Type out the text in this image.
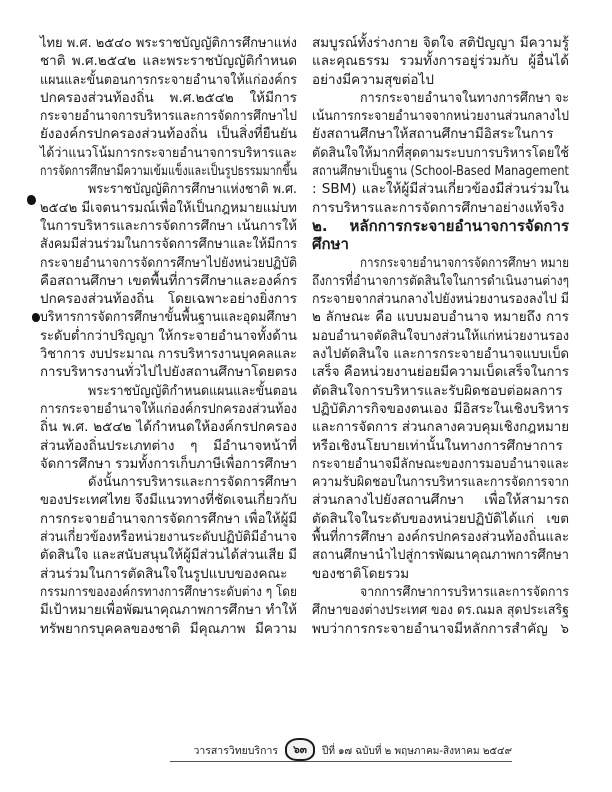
ไทย พ.ศ. ๒๕๔๐ พระราชบัญญัติการศึกษาแห่ง
ชาติ พ.ศ.๒๕๔๒ และพระราชบัญญัติกำหนด
แผนและขั้นตอนการกระจายอำนาจให้แก่องค์กร
ปกครองส่วนท้องถิ่น พ.ศ.๒๕๔๒ ให้มีการ
กระจายอำนาจการบริหารและการจัดการศึกษาไป
ยังองค์กรปกครองส่วนท้องถิ่น เป็นสิ่งที่ยืนยัน
ได้ว่าแนวโน้มการกระจายอำนาจการบริหารและ
การจัดการศึกษามีความเข้มแข็งและเป็นรูปธรรมมากขึ้น
พระราชบัญญัติการศึกษาแห่งชาติ พ.ศ.
๒๕๔๒ มีเจตนารมณ์เพื่อให้เป็นกฎหมายแม่บท
ในการบริหารและการจัดการศึกษา เน้นการให้
สังคมมีส่วนร่วมในการจัดการศึกษาและให้มีการ
กระจายอำนาจการจัดการศึกษาไปยังหน่วยปฏิบัติ
คือสถานศึกษา เขตพื้นที่การศึกษาและองค์กร
ปกครองส่วนท้องถิ่น โดยเฉพาะอย่างยิ่งการ
บริหารการจัดการศึกษาขั้นพื้นฐานและอุดมศึกษา
ระดับต่ำกว่าปริญญา ให้กระจายอำนาจทั้งด้าน
วิชาการ งบประมาณ การบริหารงานบุคคลและ
การบริหารงานทั่วไปไปยังสถานศึกษาโดยตรง
พระราชบัญญัติกำหนดแผนและขั้นตอน
การกระจายอำนาจให้แก่องค์กรปกครองส่วนท้อง
ถิ่น พ.ศ. ๒๕๔๒ ได้กำหนดให้องค์กรปกครอง
ส่วนท้องถิ่นประเภทต่าง ๆ มีอำนาจหน้าที่
จัดการศึกษา รวมทั้งการเก็บภาษีเพื่อการศึกษา
ดังนั้นการบริหารและการจัดการศึกษา
ของประเทศไทย จึงมีแนวทางที่ชัดเจนเกี่ยวกับ
การกระจายอำนาจการจัดการศึกษา เพื่อให้ผู้มี
ส่วนเกี่ยวข้องหรือหน่วยงานระดับปฏิบัติมีอำนาจ
ตัดสินใจ และสนับสนุนให้ผู้มีส่วนได้ส่วนเสีย มี
ส่วนร่วมในการตัดสินใจในรูปแบบของคณะ
กรรมการขององค์กรทางการศึกษาระดับต่าง ๆ โดย
มีเป้าหมายเพื่อพัฒนาคุณภาพการศึกษา ทำให้
ทรัพยากรบุคคลของชาติ มีคุณภาพ มีความ
สมบูรณ์ทั้งร่างกาย จิตใจ สติปัญญา มีความรู้
และคุณธรรม รวมทั้งการอยู่ร่วมกับ ผู้อื่นได้
อย่างมีความสุขต่อไป
การกระจายอำนาจในทางการศึกษา จะ
เน้นการกระจายอำนาจจากหน่วยงานส่วนกลางไป
ยังสถานศึกษาให้สถานศึกษามีอิสระในการ
ตัดสินใจให้มากที่สุดตามระบบการบริหารโดยใช้
สถานศึกษาเป็นฐาน (School-Based Management
: SBM) และให้ผู้มีส่วนเกี่ยวข้องมีส่วนร่วมใน
การบริหารและการจัดการศึกษาอย่างแท้จริง
๒. หลักการกระจายอำนาจการจัดการ
ศึกษา
การกระจายอำนาจการจัดการศึกษา หมาย
ถึงการที่อำนาจการตัดสินใจในการดำเนินงานต่างๆ
กระจายจากส่วนกลางไปยังหน่วยงานรองลงไป มี
๒ ลักษณะ คือ แบบมอบอำนาจ หมายถึง การ
มอบอำนาจตัดสินใจบางส่วนให้แก่หน่วยงานรอง
ลงไปตัดสินใจ และการกระจายอำนาจแบบเบ็ด
เสร็จ คือหน่วยงานย่อยมีความเบ็ดเสร็จในการ
ตัดสินใจการบริหารและรับผิดชอบต่อผลการ
ปฏิบัติภารกิจของตนเอง มีอิสระในเชิงบริหาร
และการจัดการ ส่วนกลางควบคุมเชิงกฎหมาย
หรือเชิงนโยบายเท่านั้นในทางการศึกษาการ
กระจายอำนาจมีลักษณะของการมอบอำนาจและ
ความรับผิดชอบในการบริหารและการจัดการจาก
ส่วนกลางไปยังสถานศึกษา เพื่อให้สามารถ
ตัดสินใจในระดับของหน่วยปฏิบัติได้แก่ เขต
พื้นที่การศึกษา องค์กรปกครองส่วนท้องถิ่นและ
สถานศึกษานำไปสู่การพัฒนาคุณภาพการศึกษา
ของชาติโดยรวม
จากการศึกษาการบริหารและการจัดการ
ศึกษาของต่างประเทศ ของ ดร.ณมล สุดประเสริฐ
พบว่าการกระจายอำนาจมีหลักการสำคัญ ๖
วารสารวิทยบริการ ๖๓ ปีที่ ๑๗ ฉบับที่ ๒ พฤษภาคม-สิงหาคม ๒๕๔๙
